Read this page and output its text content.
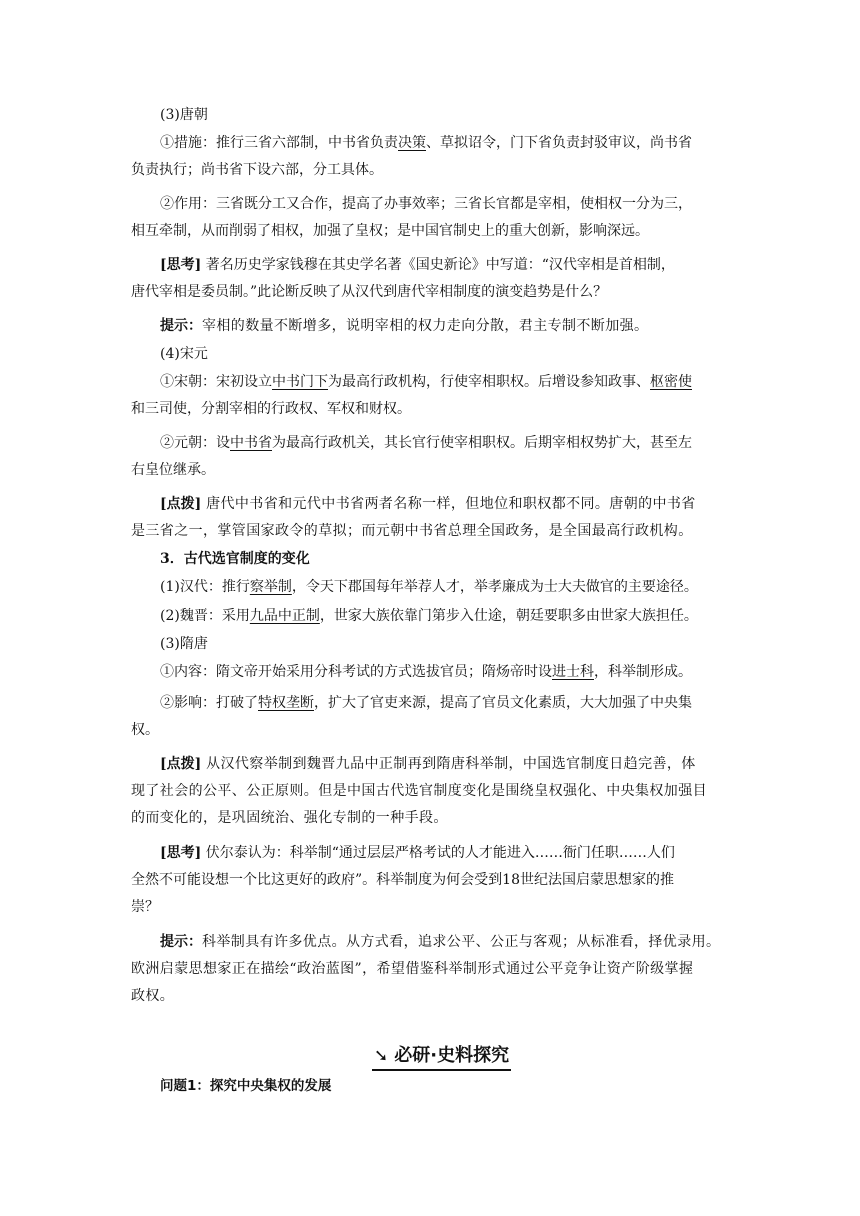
(3)唐朝
①措施：推行三省六部制，中书省负责决策、草拟诏令，门下省负责封驳审议，尚书省
负责执行；尚书省下设六部，分工具体。
②作用：三省既分工又合作，提高了办事效率；三省长官都是宰相，使相权一分为三，
相互牵制，从而削弱了相权，加强了皇权；是中国官制史上的重大创新，影响深远。
[思考] 著名历史学家钱穆在其史学名著《国史新论》中写道：“汉代宰相是首相制，
唐代宰相是委员制。”此论断反映了从汉代到唐代宰相制度的演变趋势是什么？
提示：宰相的数量不断增多，说明宰相的权力走向分散，君主专制不断加强。
(4)宋元
①宋朝：宋初设立中书门下为最高行政机构，行使宰相职权。后增设参知政事、枢密使
和三司使，分割宰相的行政权、军权和财权。
②元朝：设中书省为最高行政机关，其长官行使宰相职权。后期宰相权势扩大，甚至左
右皇位继承。
[点拨] 唐代中书省和元代中书省两者名称一样，但地位和职权都不同。唐朝的中书省
是三省之一，掌管国家政令的草拟；而元朝中书省总理全国政务，是全国最高行政机构。
3．古代选官制度的变化
(1)汉代：推行察举制，令天下郡国每年举荐人才，举孝廉成为士大夫做官的主要途径。
(2)魏晋：采用九品中正制，世家大族依靠门第步入仕途，朝廷要职多由世家大族担任。
(3)隋唐
①内容：隋文帝开始采用分科考试的方式选拔官员；隋炀帝时设进士科，科举制形成。
②影响：打破了特权垄断，扩大了官吏来源，提高了官员文化素质，大大加强了中央集
权。
[点拨] 从汉代察举制到魏晋九品中正制再到隋唐科举制，中国选官制度日趋完善，体
现了社会的公平、公正原则。但是中国古代选官制度变化是围绕皇权强化、中央集权加强目
的而变化的，是巩固统治、强化专制的一种手段。
[思考] 伏尔泰认为：科举制“通过层层严格考试的人才能进入……衙门任职……人们
全然不可能设想一个比这更好的政府”。科举制度为何会受到18世纪法国启蒙思想家的推
崇？
提示：科举制具有许多优点。从方式看，追求公平、公正与客观；从标准看，择优录用。
欧洲启蒙思想家正在描绘“政治蓝图”，希望借鉴科举制形式通过公平竞争让资产阶级掌握
政权。
➘ 必研·史料探究
问题1：探究中央集权的发展
